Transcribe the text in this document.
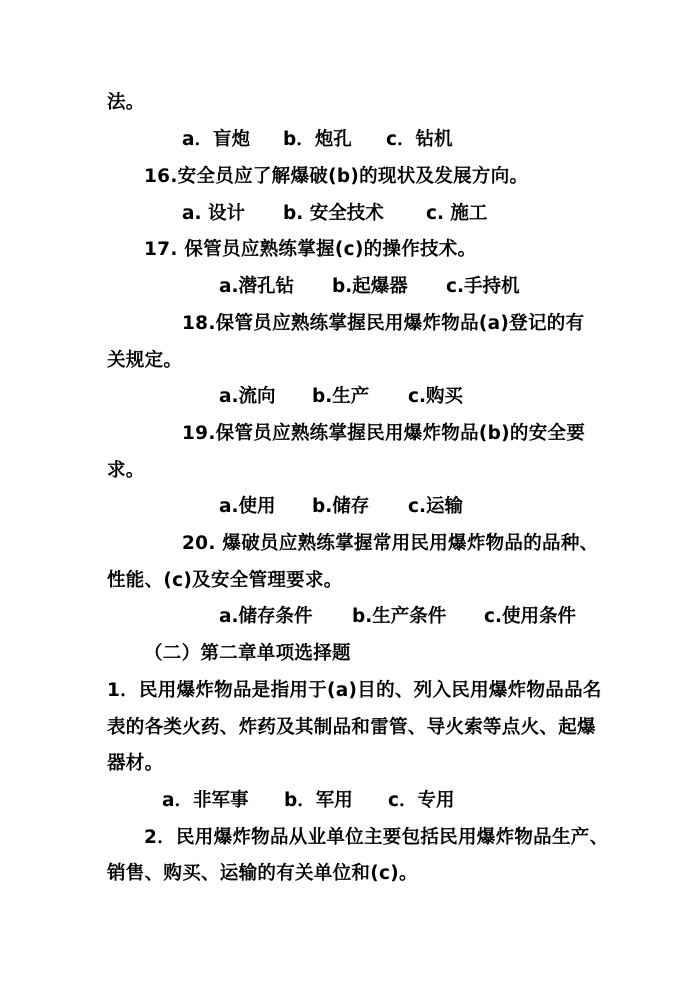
法。
a．盲炮 b．炮孔 c．钻机
16.安全员应了解爆破(b)的现状及发展方向。
a. 设计 b. 安全技术 c. 施工
17. 保管员应熟练掌握(c)的操作技术。
a.潜孔钻 b.起爆器 c.手持机
18.保管员应熟练掌握民用爆炸物品(a)登记的有
关规定。
a.流向 b.生产 c.购买
19.保管员应熟练掌握民用爆炸物品(b)的安全要
求。
a.使用 b.储存 c.运输
20. 爆破员应熟练掌握常用民用爆炸物品的品种、
性能、(c)及安全管理要求。
a.储存条件 b.生产条件 c.使用条件
（二）第二章单项选择题
1．民用爆炸物品是指用于(a)目的、列入民用爆炸物品品名
表的各类火药、炸药及其制品和雷管、导火索等点火、起爆
器材。
a．非军事 b．军用 c．专用
2．民用爆炸物品从业单位主要包括民用爆炸物品生产、
销售、购买、运输的有关单位和(c)。
